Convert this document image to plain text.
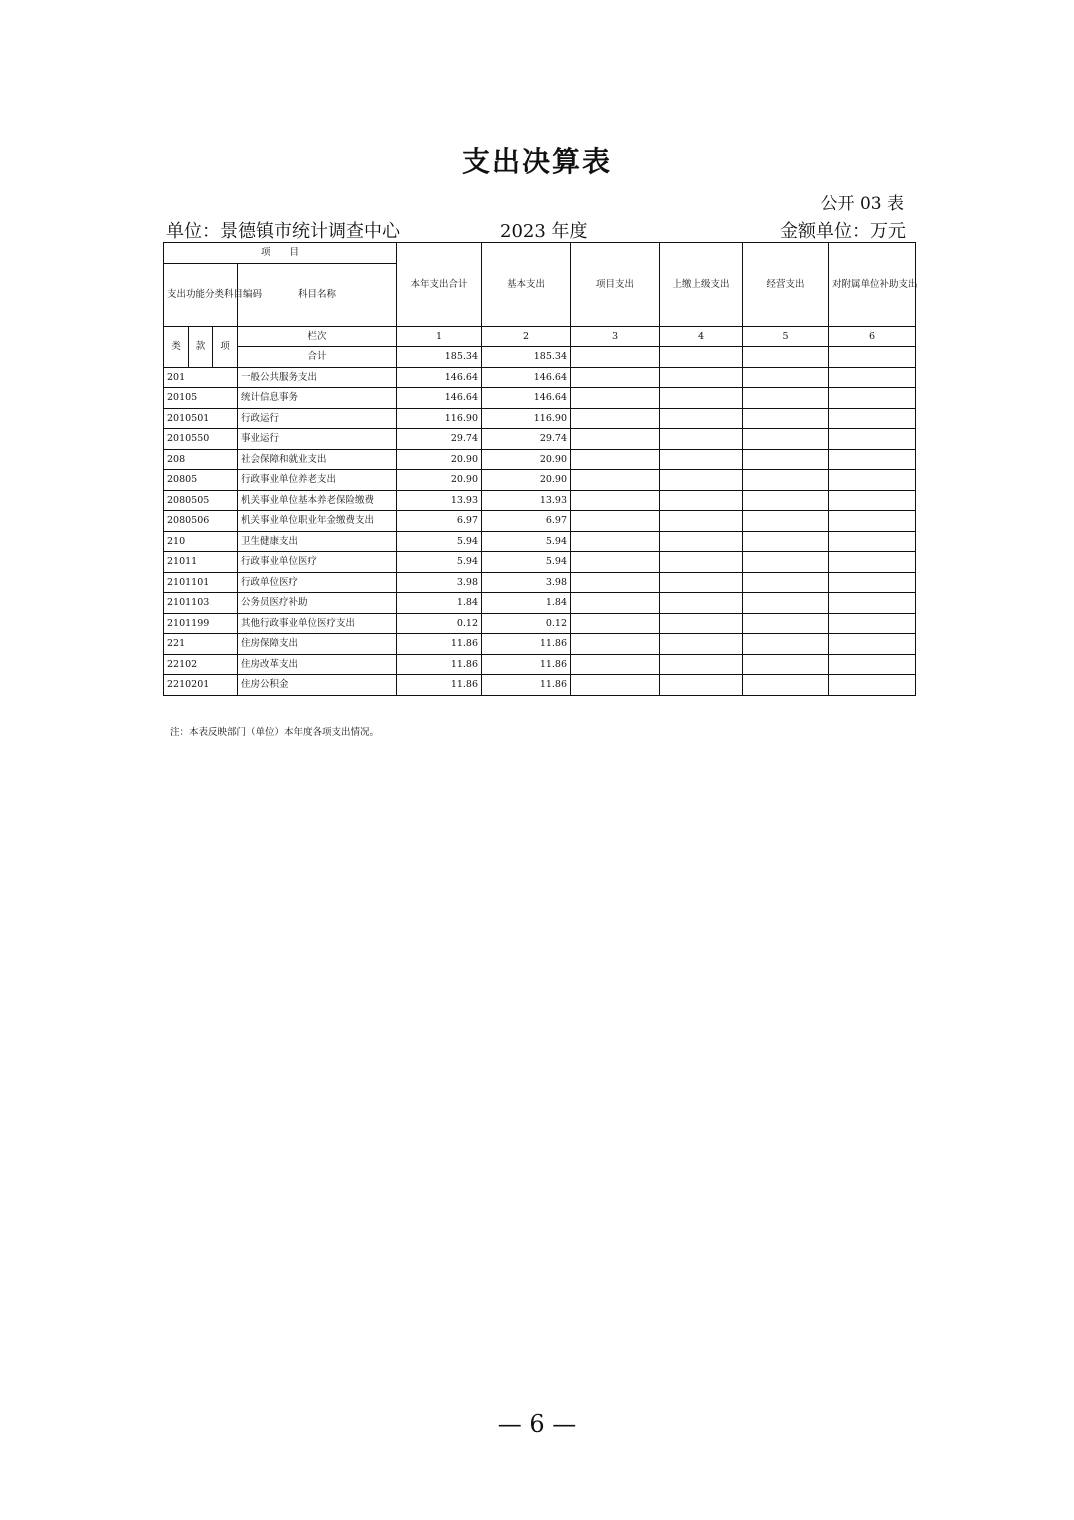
支出决算表
公开 03 表
单位：景德镇市统计调查中心	2023 年度	金额单位：万元
项　　目				本年支出合计	基本支出	项目支出	上缴上级支出	经营支出	对附属单位补助支出
支出功能分类科目编码			科目名称						

类	款	项	栏次	1	2	3	4	5	6
			合计	185.34	185.34				
201			一般公共服务支出	146.64	146.64				
20105			统计信息事务	146.64	146.64				
2010501			行政运行	116.90	116.90				
2010550			事业运行	29.74	29.74				
208			社会保障和就业支出	20.90	20.90				
20805			行政事业单位养老支出	20.90	20.90				
2080505			机关事业单位基本养老保险缴费	13.93	13.93				
2080506			机关事业单位职业年金缴费支出	6.97	6.97				
210			卫生健康支出	5.94	5.94				
21011			行政事业单位医疗	5.94	5.94				
2101101			行政单位医疗	3.98	3.98				
2101103			公务员医疗补助	1.84	1.84				
2101199			其他行政事业单位医疗支出	0.12	0.12				
221			住房保障支出	11.86	11.86				
22102			住房改革支出	11.86	11.86				
2210201			住房公积金	11.86	11.86				
注：本表反映部门（单位）本年度各项支出情况。
— 6 —
